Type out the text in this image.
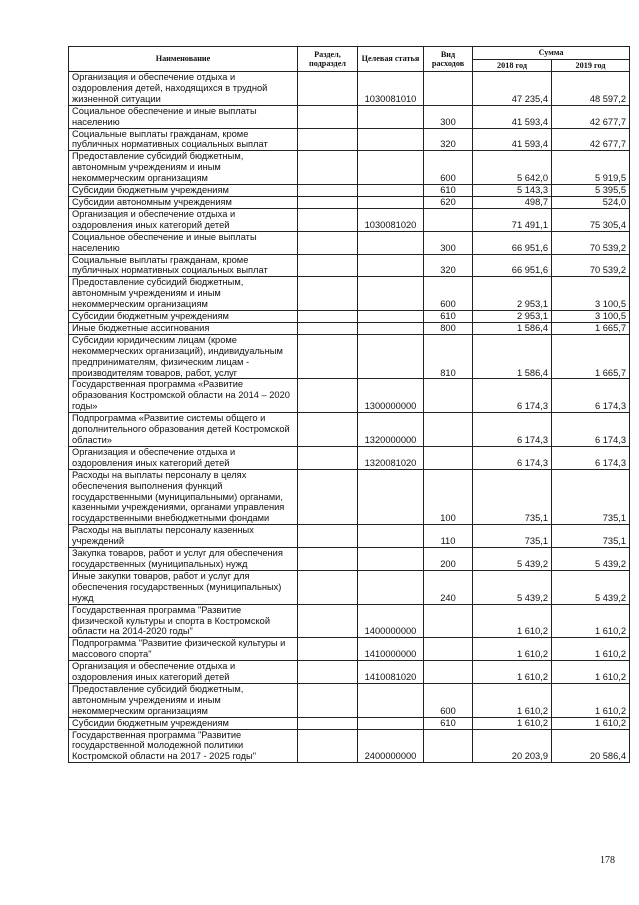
Наименование	Раздел, подраздел	Целевая статья	Вид расходов	Сумма	
				2018 год	2019 год
Организация и обеспечение отдыха и оздоровления детей, находящихся в трудной жизненной ситуации		1030081010		47 235,4	48 597,2
Социальное обеспечение и иные выплаты населению			300	41 593,4	42 677,7
Социальные выплаты гражданам, кроме публичных нормативных социальных выплат			320	41 593,4	42 677,7
Предоставление субсидий бюджетным, автономным учреждениям и иным некоммерческим организациям			600	5 642,0	5 919,5
Субсидии бюджетным учреждениям			610	5 143,3	5 395,5
Субсидии автономным учреждениям			620	498,7	524,0
Организация и обеспечение отдыха и оздоровления иных категорий детей		1030081020		71 491,1	75 305,4
Социальное обеспечение и иные выплаты населению			300	66 951,6	70 539,2
Социальные выплаты гражданам, кроме публичных нормативных социальных выплат			320	66 951,6	70 539,2
Предоставление субсидий бюджетным, автономным учреждениям и иным некоммерческим организациям			600	2 953,1	3 100,5
Субсидии бюджетным учреждениям			610	2 953,1	3 100,5
Иные бюджетные ассигнования			800	1 586,4	1 665,7
Субсидии юридическим лицам (кроме некоммерческих организаций), индивидуальным предпринимателям, физическим лицам - производителям товаров, работ, услуг			810	1 586,4	1 665,7
Государственная программа «Развитие образования Костромской области на 2014 – 2020 годы»		1300000000		6 174,3	6 174,3
Подпрограмма «Развитие системы общего и дополнительного образования детей Костромской области»		1320000000		6 174,3	6 174,3
Организация и обеспечение отдыха и оздоровления иных категорий детей		1320081020		6 174,3	6 174,3
Расходы на выплаты персоналу в целях обеспечения выполнения функций государственными (муниципальными) органами, казенными учреждениями, органами управления государственными внебюджетными фондами			100	735,1	735,1
Расходы на выплаты персоналу казенных учреждений			110	735,1	735,1
Закупка товаров, работ и услуг для обеспечения государственных (муниципальных) нужд			200	5 439,2	5 439,2
Иные закупки товаров, работ и услуг для обеспечения государственных (муниципальных) нужд			240	5 439,2	5 439,2
Государственная программа "Развитие физической культуры и спорта в Костромской области на 2014-2020 годы"		1400000000		1 610,2	1 610,2
Подпрограмма "Развитие физической культуры и массового спорта"		1410000000		1 610,2	1 610,2
Организация и обеспечение отдыха и оздоровления иных категорий детей		1410081020		1 610,2	1 610,2
Предоставление субсидий бюджетным, автономным учреждениям и иным некоммерческим организациям			600	1 610,2	1 610,2
Субсидии бюджетным учреждениям			610	1 610,2	1 610,2
Государственная программа "Развитие государственной молодежной политики Костромской области на 2017 - 2025 годы"		2400000000		20 203,9	20 586,4
178
